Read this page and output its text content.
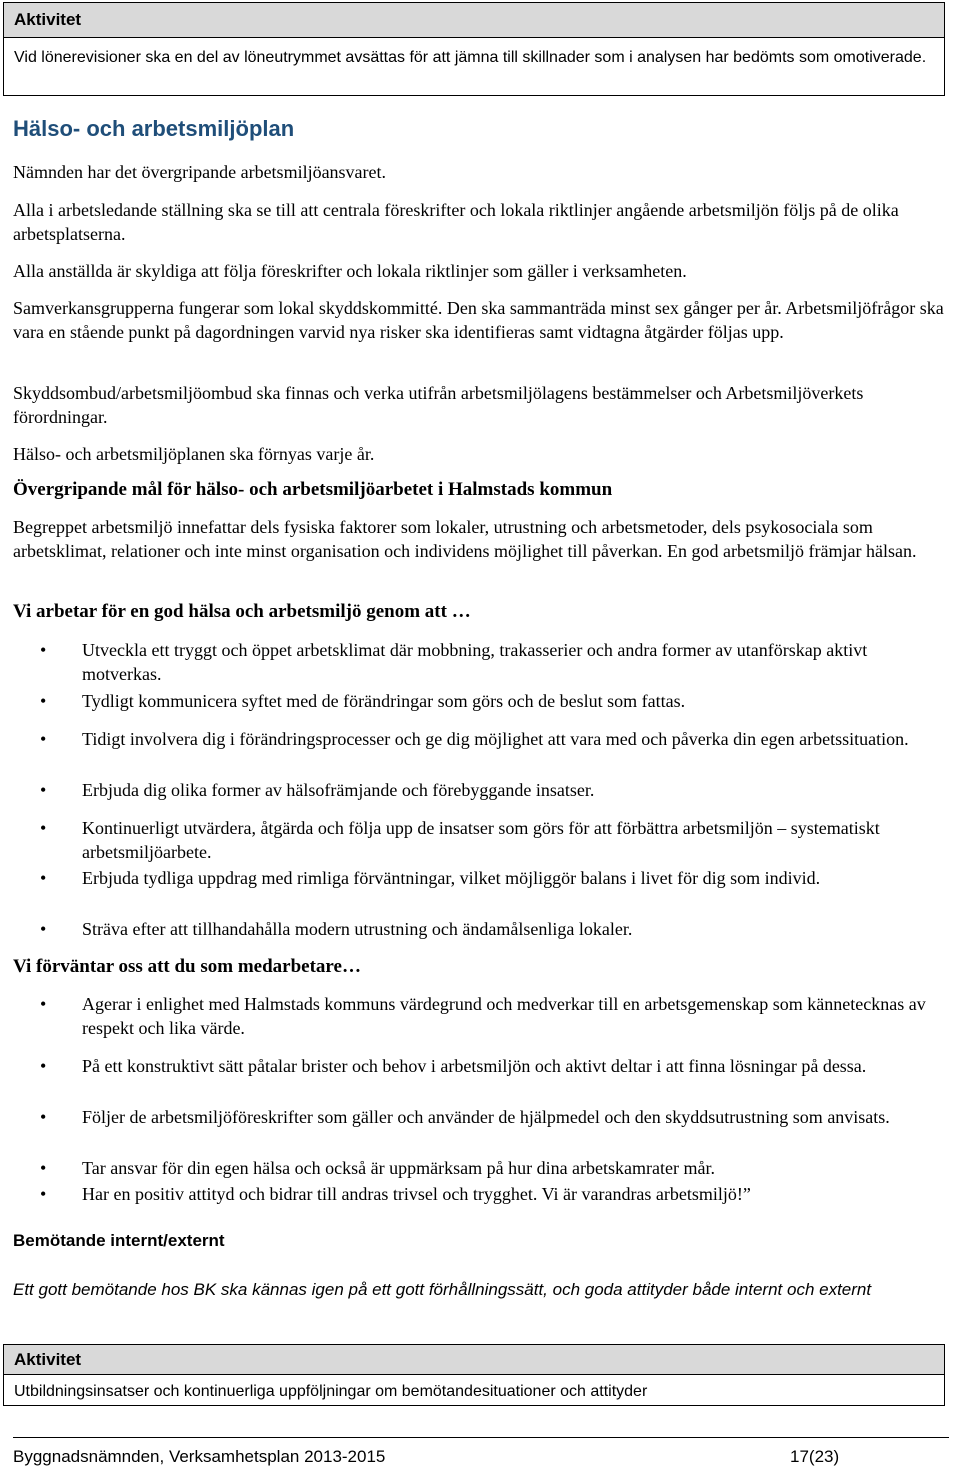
Aktivitet
Vid lönerevisioner ska en del av löneutrymmet avsättas för att jämna till skillnader som i analysen har bedömts som omotiverade.
Hälso- och arbetsmiljöplan

Nämnden har det övergripande arbetsmiljöansvaret.

Alla i arbetsledande ställning ska se till att centrala föreskrifter och lokala riktlinjer angående arbetsmiljön följs på de olika arbetsplatserna.

Alla anställda är skyldiga att följa föreskrifter och lokala riktlinjer som gäller i verksamheten.

Samverkansgrupperna fungerar som lokal skyddskommitté. Den ska sammanträda minst sex gånger per år. Arbetsmiljöfrågor ska vara en stående punkt på dagordningen varvid nya risker ska identifieras samt vidtagna åtgärder följas upp.

Skyddsombud/arbetsmiljöombud ska finnas och verka utifrån arbetsmiljölagens bestämmelser och Arbetsmiljöverkets förordningar.

Hälso- och arbetsmiljöplanen ska förnyas varje år.

Övergripande mål för hälso- och arbetsmiljöarbetet i Halmstads kommun

Begreppet arbetsmiljö innefattar dels fysiska faktorer som lokaler, utrustning och arbetsmetoder, dels psykosociala som arbetsklimat, relationer och inte minst organisation och individens möjlighet till påverkan. En god arbetsmiljö främjar hälsan.

Vi arbetar för en god hälsa och arbetsmiljö genom att …
• Utveckla ett tryggt och öppet arbetsklimat där mobbning, trakasserier och andra former av utanförskap aktivt motverkas.
• Tydligt kommunicera syftet med de förändringar som görs och de beslut som fattas.
• Tidigt involvera dig i förändringsprocesser och ge dig möjlighet att vara med och påverka din egen arbetssituation.
• Erbjuda dig olika former av hälsofrämjande och förebyggande insatser.
• Kontinuerligt utvärdera, åtgärda och följa upp de insatser som görs för att förbättra arbetsmiljön – systematiskt arbetsmiljöarbete.
• Erbjuda tydliga uppdrag med rimliga förväntningar, vilket möjliggör balans i livet för dig som individ.
• Sträva efter att tillhandahålla modern utrustning och ändamålsenliga lokaler.
Vi förväntar oss att du som medarbetare…
• Agerar i enlighet med Halmstads kommuns värdegrund och medverkar till en arbetsgemenskap som kännetecknas av respekt och lika värde.
• På ett konstruktivt sätt påtalar brister och behov i arbetsmiljön och aktivt deltar i att finna lösningar på dessa.
• Följer de arbetsmiljöföreskrifter som gäller och använder de hjälpmedel och den skyddsutrustning som anvisats.
• Tar ansvar för din egen hälsa och också är uppmärksam på hur dina arbetskamrater mår.
• Har en positiv attityd och bidrar till andras trivsel och trygghet. Vi är varandras arbetsmiljö!”
Bemötande internt/externt
Ett gott bemötande hos BK ska kännas igen på ett gott förhållningssätt, och goda attityder både internt och externt
Aktivitet
Utbildningsinsatser och kontinuerliga uppföljningar om bemötandesituationer och attityder
Byggnadsnämnden, Verksamhetsplan 2013-2015	17(23)
